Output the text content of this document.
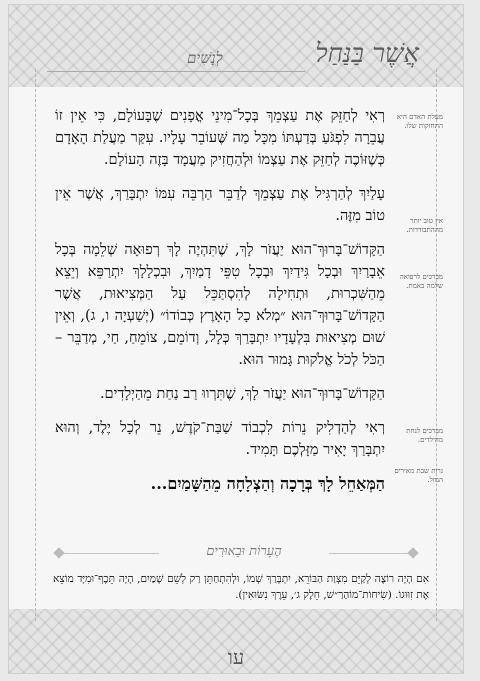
אֲשֶׁר בַּנַּחַל
לְנָשִׁים

רְאִי לְחַזֵּק אֶת עַצְמֵךְ בְּכָל־מִינֵי אֳפָנִים שֶׁבָּעוֹלָם, כִּי אֵין זוֹ עֲבֵרָה לִפְגֹּעַ בְּדַעְתּוֹ מִכָּל מַה שֶּׁעוֹבֵר עָלָיו. עִקַּר מַעֲלַת הָאָדָם כְּשֶׁזּוֹכֶה לְחַזֵּק אֶת עַצְמוֹ וּלְהַחֲזִיק מַעֲמָד בָּזֶה הָעוֹלָם.

עָלַיִךְ לְהַרְגִּיל אֶת עַצְמֵךְ לְדַבֵּר הַרְבֵּה עִמּוֹ יִתְבָּרַךְ, אֲשֶׁר אֵין טוֹב מִזֶּה.

הַקָּדוֹשׁ־בָּרוּךְ־הוּא יַעֲזֹר לָךְ, שֶׁתִּהְיֶה לָךְ רְפוּאָה שְׁלֵמָה בְּכָל אֵבָרַיִךְ וּבְכָל גִּידַיִךְ וּבְכָל טִפֵּי דָמַיִךְ, וּבִכְלָלָךְ יִתְרַפֵּא וְיֵצֵא מֵהַשִּׁכְרוּת, וּתְחִילָה לְהִסְתַּכֵּל עַל הַמְּצִיאוּת, אֲשֶׁר הַקָּדוֹשׁ־בָּרוּךְ־הוּא ״מְלֹא כָל הָאָרֶץ כְּבוֹדוֹ״ (יְשַׁעְיָה ו, ג), וְאֵין שׁוּם מְצִיאוּת בִּלְעָדָיו יִתְבָּרַךְ כְּלָל, וְדוֹמֵם, צוֹמֵחַ, חַי, מְדַבֵּר – הַכֹּל לְכֹל אֱלֹקוּת גָּמוּר הוּא.

הַקָּדוֹשׁ־בָּרוּךְ־הוּא יַעֲזֹר לָךְ, שֶׁתִּרְווּ רַב נַחַת מֵהַיְלָדִים.

רְאִי לְהַדְלִיק נֵרוֹת לִכְבוֹד שַׁבַּת־קֹדֶשׁ, נֵר לְכָל יֶלֶד, וְהוּא יִתְבָּרַךְ יָאִיר מַזָּלְכֶם תָּמִיד.

הַמְּאַחֵל לָךְ בְּרָכָה וְהַצְלָחָה מֵהַשָּׁמַיִם...

מעלת האדם היא התחזקות שלו.
אין טוב יותר מההתבודדות.
מברכים לרפואה שלמה באמת.
מברכים לנחת מהילדים.
נרות שבת מאירים המזל.
הֶעָרוֹת וּבֵאוּרִים
אִם הָיָה רוֹצֶה לְקַיֵּם מִצְוַת הַבּוֹרֵא, יִתְבָּרַךְ שְׁמוֹ, וּלְהִתְחַתֵּן רַק לְשֵׁם שָׁמַיִם, הָיָה תֵּכֶף־וּמִיָּד מוֹצֵא אֶת זִוּוּגוֹ. (שִׂיחוֹת־מוֹהַרַ״שׁ, חֵלֶק ג׳, עֵרֶךְ נִשּׂוּאִין).
עו
